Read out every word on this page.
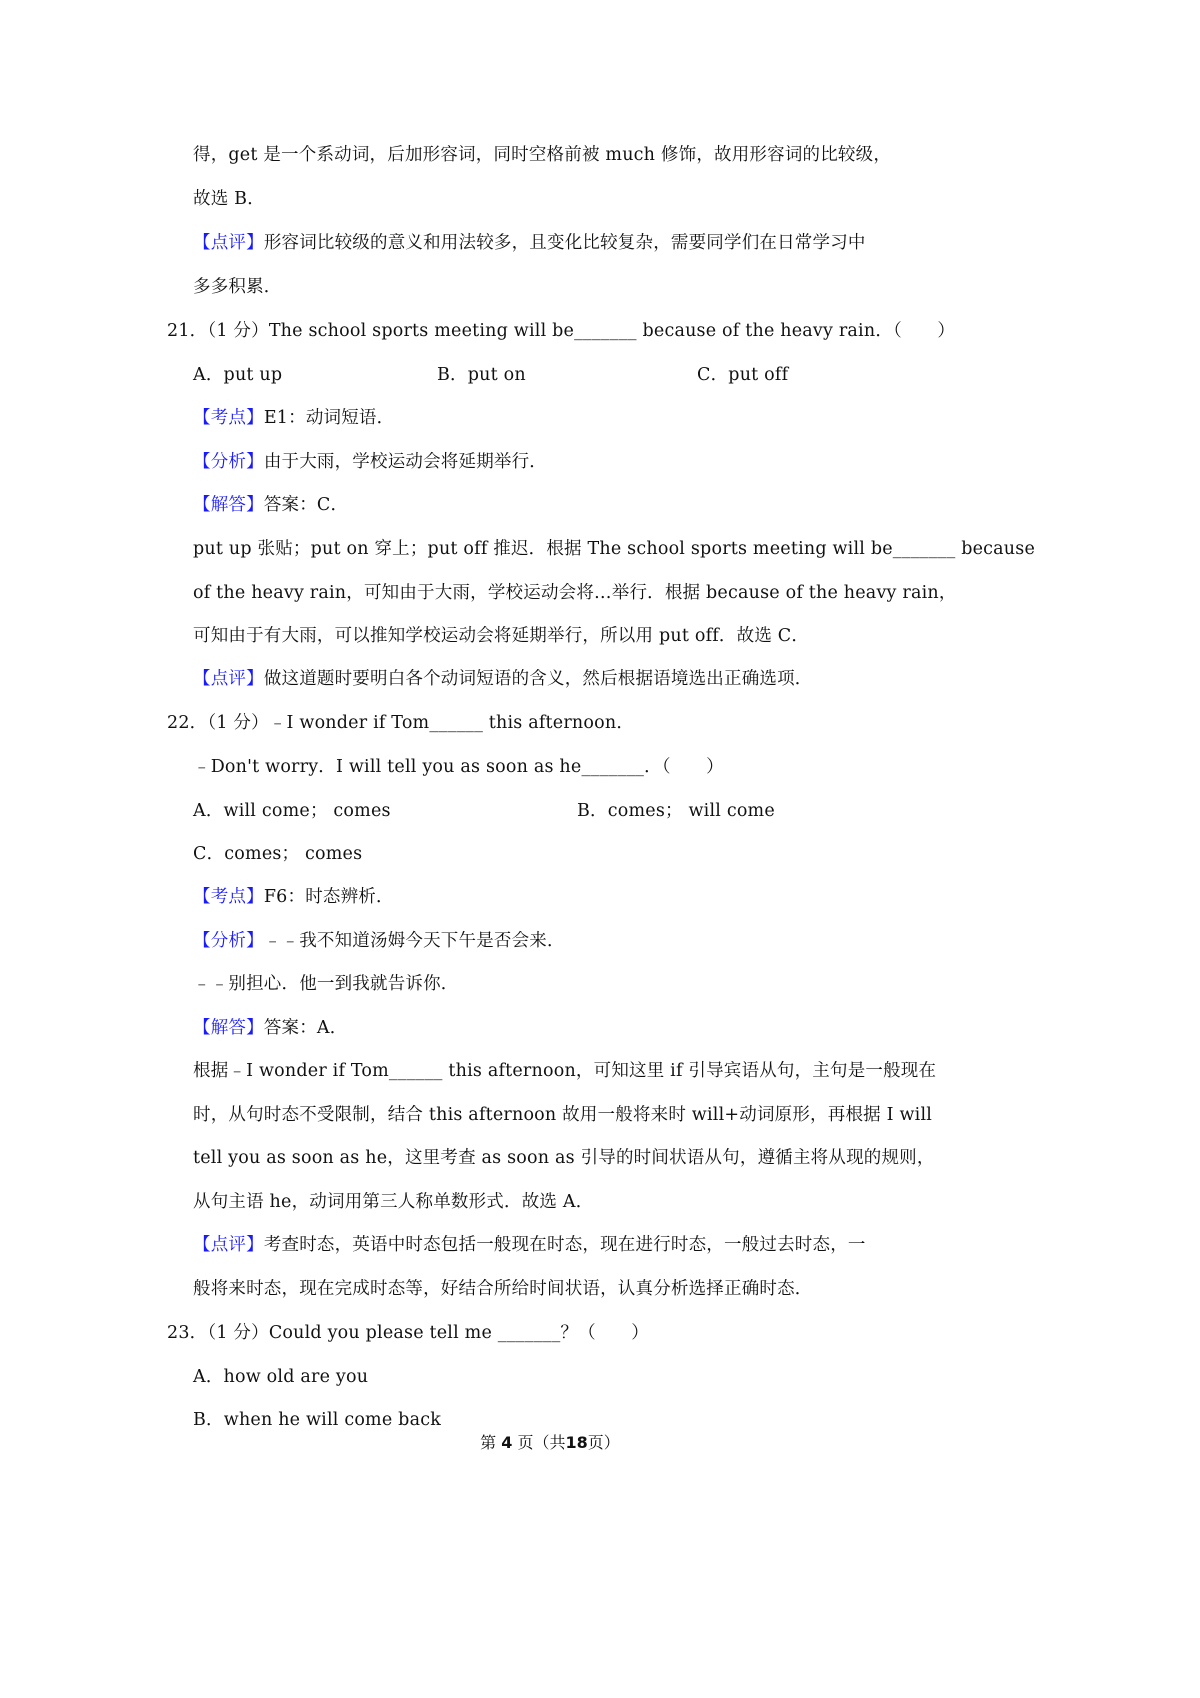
得，get 是一个系动词，后加形容词，同时空格前被 much 修饰，故用形容词的比较级，
故选 B．
【点评】形容词比较级的意义和用法较多，且变化比较复杂，需要同学们在日常学习中
多多积累．
21．（1 分）The school sports meeting will be_______ because of the heavy rain．（　　）
A．put up	B．put on	C．put off
【考点】E1：动词短语．
【分析】由于大雨，学校运动会将延期举行．
【解答】答案：C．
put up 张贴；put on 穿上；put off 推迟．根据 The school sports meeting will be_______ because
of the heavy rain，可知由于大雨，学校运动会将…举行．根据 because of the heavy rain，
可知由于有大雨，可以推知学校运动会将延期举行，所以用 put off．故选 C．
【点评】做这道题时要明白各个动词短语的含义，然后根据语境选出正确选项．
22．（1 分）﹣I wonder if Tom______ this afternoon．
﹣Don't worry．I will tell you as soon as he_______．（　　）
A．will come； comes	B．comes； will come
C．comes； comes
【考点】F6：时态辨析．
【分析】﹣﹣我不知道汤姆今天下午是否会来．
﹣﹣别担心．他一到我就告诉你．
【解答】答案：A．
根据﹣I wonder if Tom______ this afternoon，可知这里 if 引导宾语从句，主句是一般现在
时，从句时态不受限制，结合 this afternoon 故用一般将来时 will+动词原形，再根据 I will
tell you as soon as he，这里考查 as soon as 引导的时间状语从句，遵循主将从现的规则，
从句主语 he，动词用第三人称单数形式．故选 A．
【点评】考查时态，英语中时态包括一般现在时态，现在进行时态，一般过去时态，一
般将来时态，现在完成时态等，好结合所给时间状语，认真分析选择正确时态．
23．（1 分）Could you please tell me _______？（　　）
A．how old are you
B．when he will come back
第 4 页（共18页）
